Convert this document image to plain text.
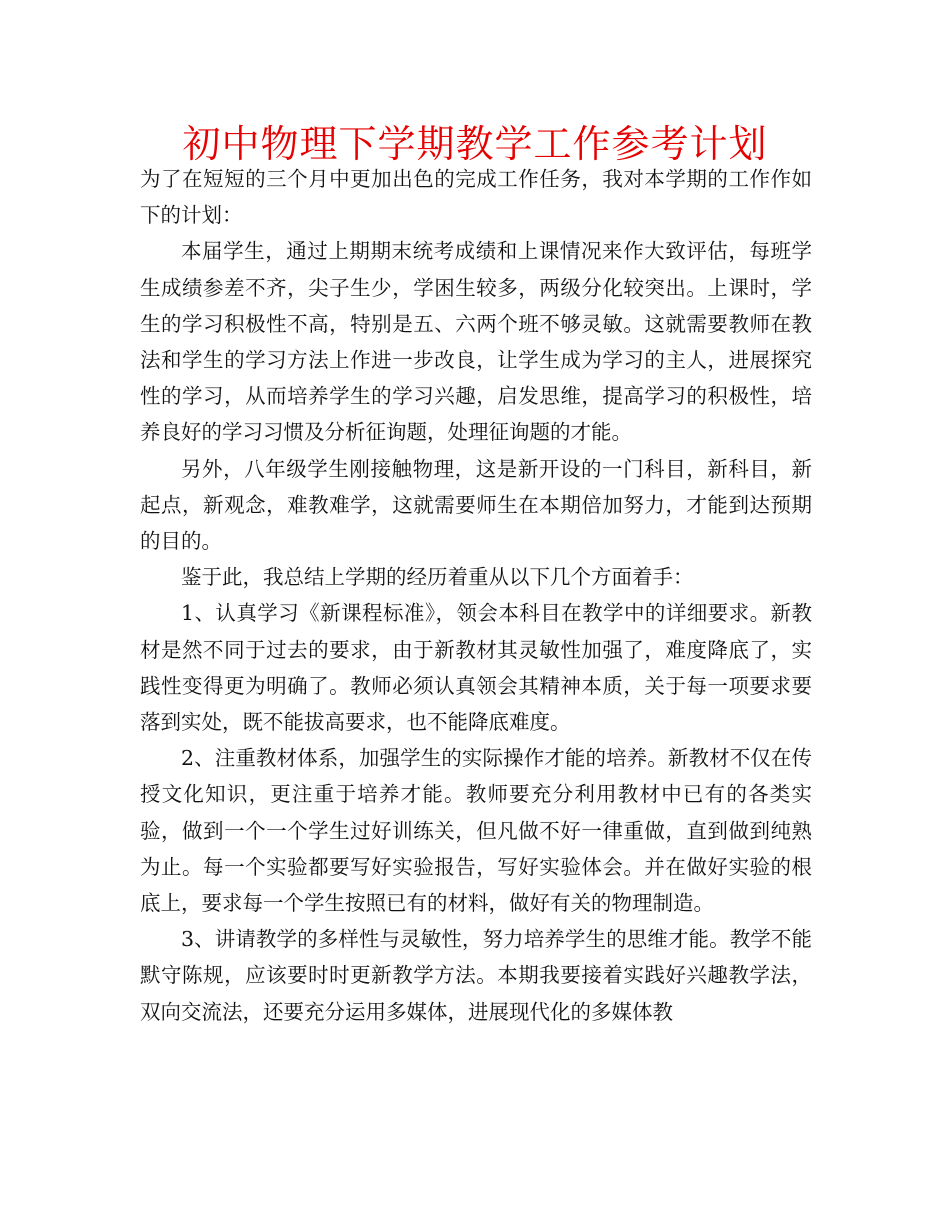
初中物理下学期教学工作参考计划

为了在短短的三个月中更加出色的完成工作任务，我对本学期的工作作如下的计划：

本届学生，通过上期期末统考成绩和上课情况来作大致评估，每班学生成绩参差不齐，尖子生少，学困生较多，两级分化较突出。上课时，学生的学习积极性不高，特别是五、六两个班不够灵敏。这就需要教师在教法和学生的学习方法上作进一步改良，让学生成为学习的主人，进展探究性的学习，从而培养学生的学习兴趣，启发思维，提高学习的积极性，培养良好的学习习惯及分析征询题，处理征询题的才能。

另外，八年级学生刚接触物理，这是新开设的一门科目，新科目，新起点，新观念，难教难学，这就需要师生在本期倍加努力，才能到达预期的目的。

鉴于此，我总结上学期的经历着重从以下几个方面着手：

1、认真学习《新课程标准》，领会本科目在教学中的详细要求。新教材是然不同于过去的要求，由于新教材其灵敏性加强了，难度降底了，实践性变得更为明确了。教师必须认真领会其精神本质，关于每一项要求要落到实处，既不能拔高要求，也不能降底难度。

2、注重教材体系，加强学生的实际操作才能的培养。新教材不仅在传授文化知识，更注重于培养才能。教师要充分利用教材中已有的各类实验，做到一个一个学生过好训练关，但凡做不好一律重做，直到做到纯熟为止。每一个实验都要写好实验报告，写好实验体会。并在做好实验的根底上，要求每一个学生按照已有的材料，做好有关的物理制造。

3、讲请教学的多样性与灵敏性，努力培养学生的思维才能。教学不能默守陈规，应该要时时更新教学方法。本期我要接着实践好兴趣教学法，双向交流法，还要充分运用多媒体，进展现代化的多媒体教
